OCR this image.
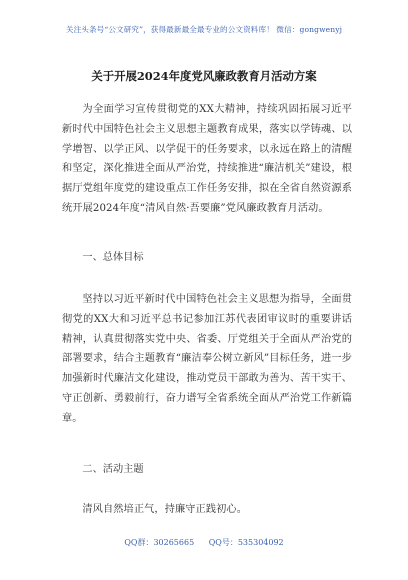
关注头条号“公文研究”，获得最新最全最专业的公文资料库！ 微信：gongwenyj
关于开展2024年度党风廉政教育月活动方案

为全面学习宣传贯彻党的XX大精神，持续巩固拓展习近平新时代中国特色社会主义思想主题教育成果，落实以学铸魂、以学增智、以学正风、以学促干的任务要求，以永远在路上的清醒和坚定，深化推进全面从严治党，持续推进“廉洁机关”建设，根据厅党组年度党的建设重点工作任务安排，拟在全省自然资源系统开展2024年度“清风自然·吾要廉”党风廉政教育月活动。

一、总体目标

坚持以习近平新时代中国特色社会主义思想为指导，全面贯彻党的XX大和习近平总书记参加江苏代表团审议时的重要讲话精神，认真贯彻落实党中央、省委、厅党组关于全面从严治党的部署要求，结合主题教育“廉洁奉公树立新风”目标任务，进一步加强新时代廉洁文化建设，推动党员干部敢为善为、苦干实干、守正创新、勇毅前行，奋力谱写全省系统全面从严治党工作新篇章。

二、活动主题

清风自然培正气，持廉守正践初心。

QQ群：30265665 QQ号：535304092
